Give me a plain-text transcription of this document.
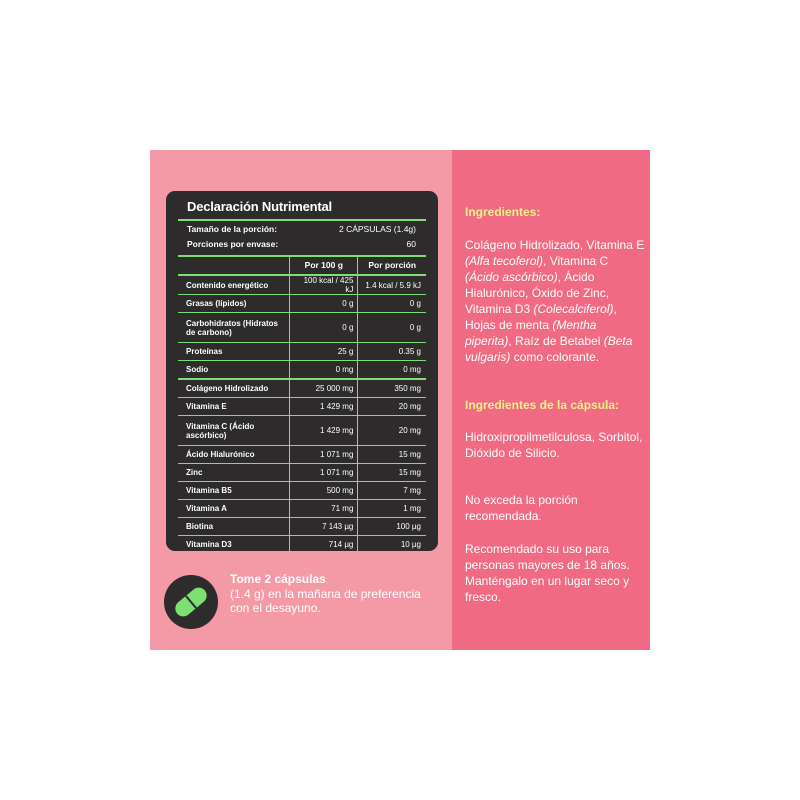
Declaración Nutrimental
Tamaño de la porción:	2 CÁPSULAS (1.4g)
Porciones por envase:	60
	Por 100 g	Por porción
Contenido energético	100 kcal / 425 kJ	1.4 kcal / 5.9 kJ
Grasas (lípidos)	0 g	0 g
Carbohidratos (Hidratos de carbono)	0 g	0 g
Proteínas	25 g	0.35 g
Sodio	0 mg	0 mg
Colágeno Hidrolizado	25 000 mg	350 mg
Vitamina E	1 429 mg	20 mg
Vitamina C (Ácido ascórbico)	1 429 mg	20 mg
Ácido Hialurónico	1 071 mg	15 mg
Zinc	1 071 mg	15 mg
Vitamina B5	500 mg	7 mg
Vitamina A	71 mg	1 mg
Biotina	7 143 µg	100 µg
Vitamina D3	714 µg	10 µg
Tome 2 cápsulas
(1.4 g) en la mañana de preferencia con el desayuno.
Ingredientes:
Colágeno Hidrolizado, Vitamina E (Alfa tecoferol), Vitamina C (Ácido ascórbico), Ácido Hialurónico, Óxido de Zinc, Vitamina D3 (Colecalciferol), Hojas de menta (Mentha piperita), Raíz de Betabel (Beta vulgaris) como colorante.
Ingredientes de la cápsula:
Hidroxipropilmetilculosa, Sorbitol, Dióxido de Silicio.
No exceda la porción recomendada.
Recomendado su uso para personas mayores de 18 años. Manténgalo en un lugar seco y fresco.
